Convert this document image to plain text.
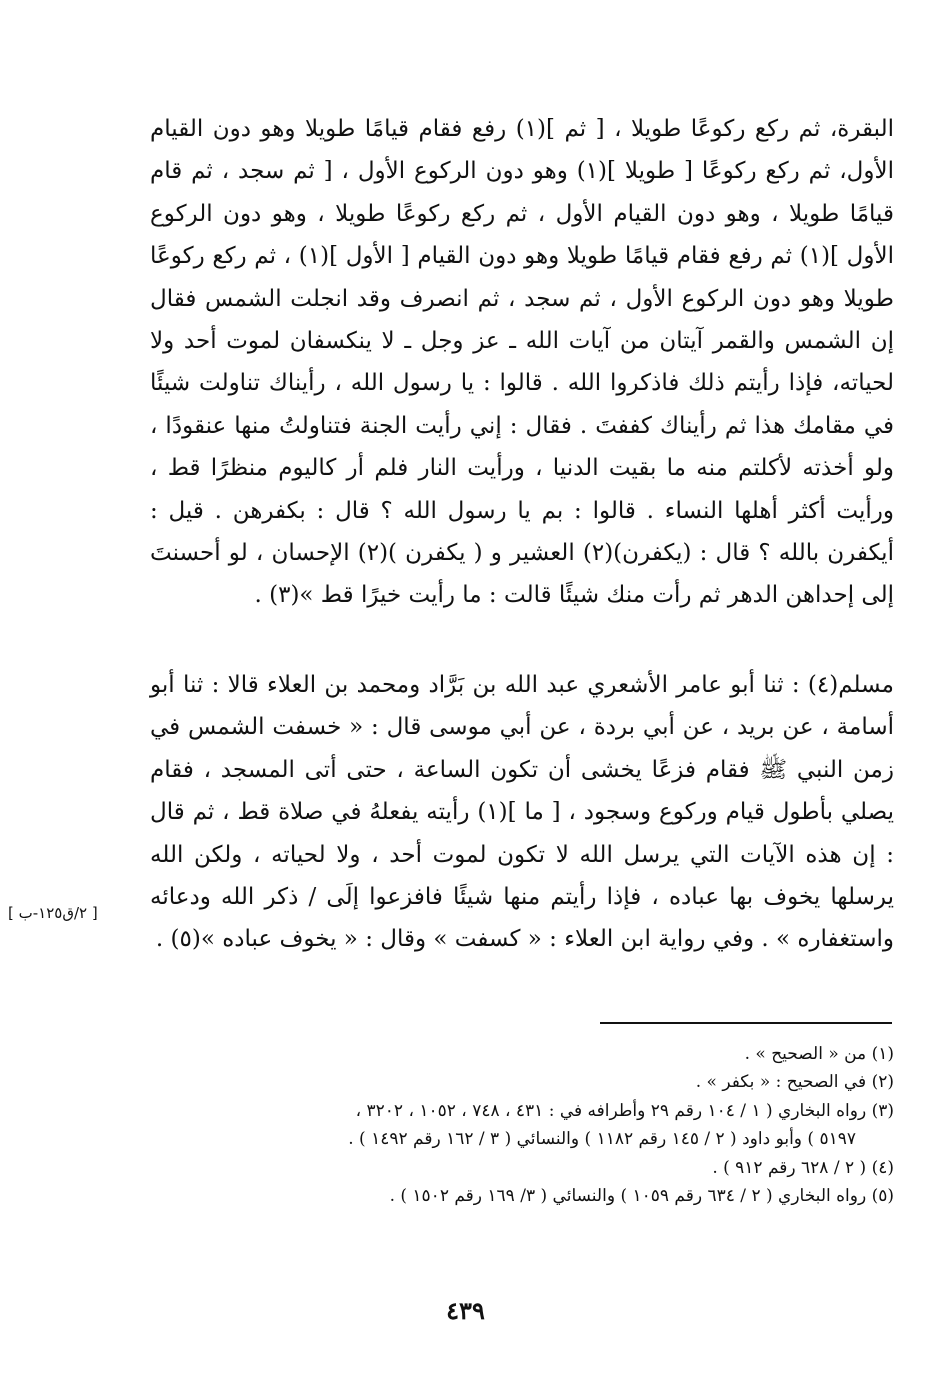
البقرة، ثم ركع ركوعًا طويلا ، [ ثم ](١) رفع فقام قيامًا طويلا وهو دون القيام الأول، ثم ركع ركوعًا [ طويلا ](١) وهو دون الركوع الأول ، [ ثم سجد ، ثم قام قيامًا طويلا ، وهو دون القيام الأول ، ثم ركع ركوعًا طويلا ، وهو دون الركوع الأول ](١) ثم رفع فقام قيامًا طويلا وهو دون القيام [ الأول ](١) ، ثم ركع ركوعًا طويلا وهو دون الركوع الأول ، ثم سجد ، ثم انصرف وقد انجلت الشمس فقال إن الشمس والقمر آيتان من آيات الله ـ عز وجل ـ لا ينكسفان لموت أحد ولا لحياته، فإذا رأيتم ذلك فاذكروا الله . قالوا : يا رسول الله ، رأيناك تناولت شيئًا في مقامك هذا ثم رأيناك كففتَ . فقال : إني رأيت الجنة فتناولتُ منها عنقودًا ، ولو أخذته لأكلتم منه ما بقيت الدنيا ، ورأيت النار فلم أر كاليوم منظرًا قط ، ورأيت أكثر أهلها النساء . قالوا : بم يا رسول الله ؟ قال : بكفرهن . قيل : أيكفرن بالله ؟ قال : (يكفرن)(٢) العشير و ( يكفرن )(٢) الإحسان ، لو أحسنتَ إلى إحداهن الدهر ثم رأت منك شيئًا قالت : ما رأيت خيرًا قط »(٣) .

مسلم(٤) : ثنا أبو عامر الأشعري عبد الله بن بَرَّاد ومحمد بن العلاء قالا : ثنا أبو أسامة ، عن بريد ، عن أبي بردة ، عن أبي موسى قال : « خسفت الشمس في زمن النبي ﷺ فقام فزعًا يخشى أن تكون الساعة ، حتى أتى المسجد ، فقام يصلي بأطول قيام وركوع وسجود ، [ ما ](١) رأيته يفعلهُ في صلاة قط ، ثم قال : إن هذه الآيات التي يرسل الله لا تكون لموت أحد ، ولا لحياته ، ولكن الله يرسلها يخوف بها عباده ، فإذا رأيتم منها شيئًا فافزعوا إلَى / ذكر الله ودعائه واستغفاره » . وفي رواية ابن العلاء : « كسفت » وقال : « يخوف عباده »(٥) .

[ ٢/ق١٢٥-ب ]
(١) من « الصحيح » .
(٢) في الصحيح : « بكفر » .
(٣) رواه البخاري ( ١ / ١٠٤ رقم ٢٩ وأطرافه في : ٤٣١ ، ٧٤٨ ، ١٠٥٢ ، ٣٢٠٢ ،
٥١٩٧ ) وأبو داود ( ٢ / ١٤٥ رقم ١١٨٢ ) والنسائي ( ٣ / ١٦٢ رقم ١٤٩٢ ) .
(٤) ( ٢ / ٦٢٨ رقم ٩١٢ ) .
(٥) رواه البخاري ( ٢ / ٦٣٤ رقم ١٠٥٩ ) والنسائي ( ٣/ ١٦٩ رقم ١٥٠٢ ) .
٤٣٩
